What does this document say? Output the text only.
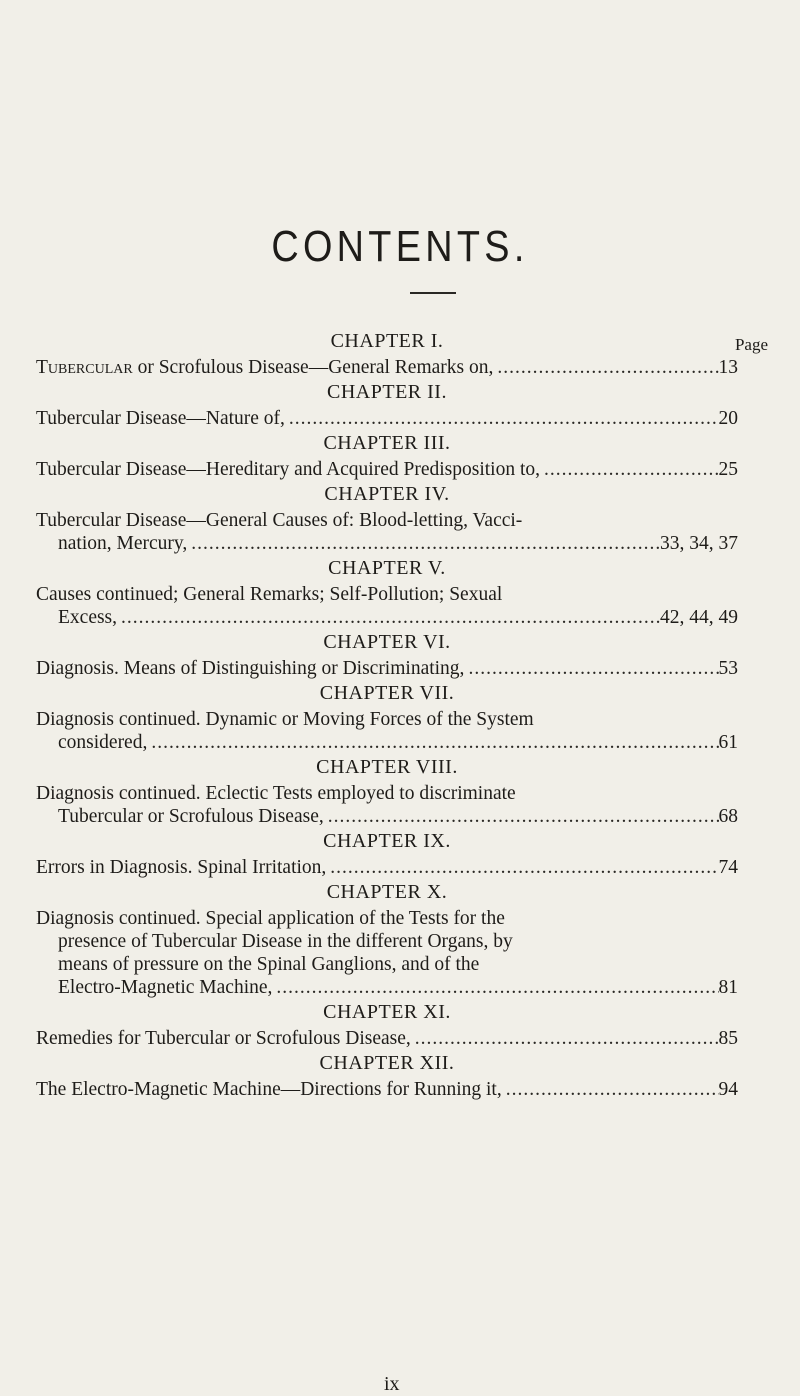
CONTENTS.
Page
CHAPTER I.
Tubercular or Scrofulous Disease—General Remarks on, .....	13
CHAPTER II.
Tubercular Disease—Nature of, .....	20
CHAPTER III.
Tubercular Disease—Hereditary and Acquired Predisposition to, .....	25
CHAPTER IV.
Tubercular Disease—General Causes of: Blood-letting, Vacci-
nation, Mercury, .....	33, 34, 37
CHAPTER V.
Causes continued; General Remarks; Self-Pollution; Sexual
Excess, .....	42, 44, 49
CHAPTER VI.
Diagnosis. Means of Distinguishing or Discriminating, .....	53
CHAPTER VII.
Diagnosis continued. Dynamic or Moving Forces of the System
considered, .....	61
CHAPTER VIII.
Diagnosis continued. Eclectic Tests employed to discriminate
Tubercular or Scrofulous Disease, .....	68
CHAPTER IX.
Errors in Diagnosis. Spinal Irritation, .....	74
CHAPTER X.
Diagnosis continued. Special application of the Tests for the
presence of Tubercular Disease in the different Organs, by
means of pressure on the Spinal Ganglions, and of the
Electro-Magnetic Machine, .....	81
CHAPTER XI.
Remedies for Tubercular or Scrofulous Disease, .....	85
CHAPTER XII.
The Electro-Magnetic Machine—Directions for Running it, .....	94
ix
